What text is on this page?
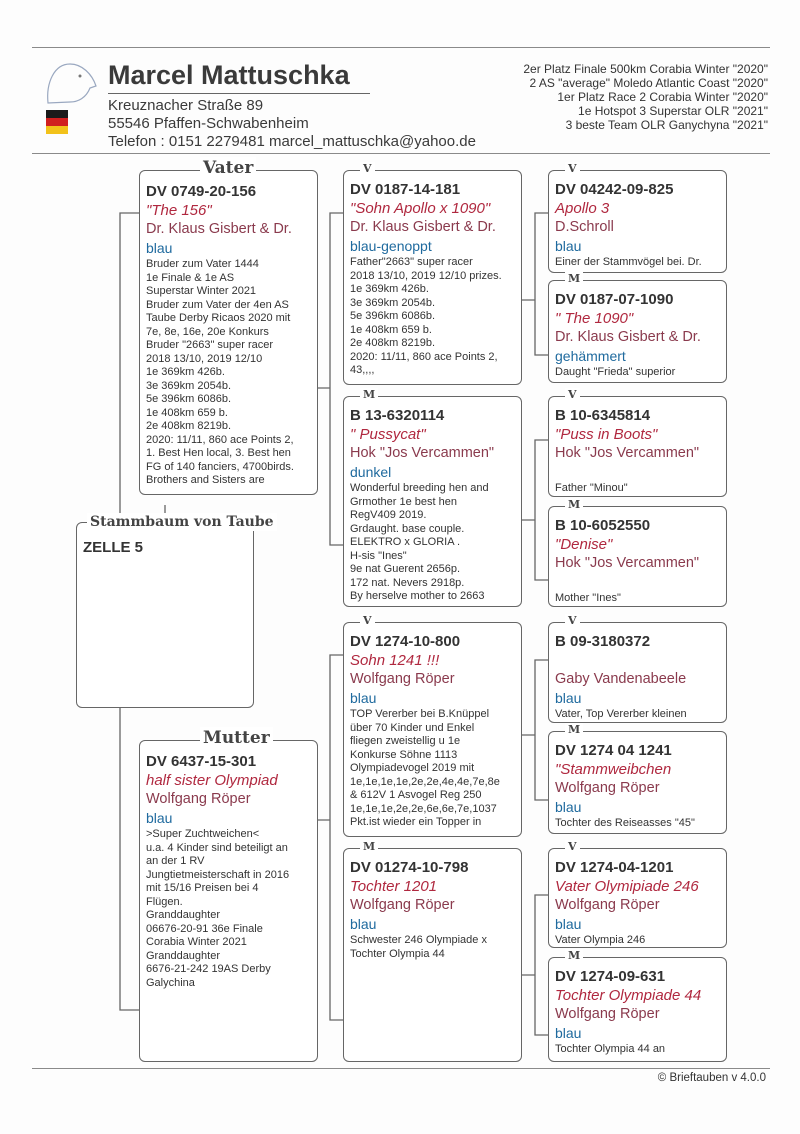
Marcel Mattuschka
Kreuznacher Straße 89
55546 Pfaffen-Schwabenheim
Telefon : 0151 2279481 marcel_mattuschka@yahoo.de
2er Platz Finale 500km Corabia Winter "2020"
2 AS "average" Moledo Atlantic Coast "2020"
1er Platz Race 2 Corabia Winter "2020"
1e Hotspot 3 Superstar OLR "2021"
3 beste Team OLR Ganychyna "2021"
Stammbaum von Taube
ZELLE 5
Vater
DV 0749-20-156
"The 156"
Dr. Klaus Gisbert & Dr.
blau
Bruder zum Vater 1444
1e Finale & 1e AS
Superstar Winter 2021
Bruder zum Vater der 4en AS
Taube Derby Ricaos 2020 mit
7e, 8e, 16e, 20e Konkurs
Bruder "2663" super racer
2018 13/10, 2019 12/10
1e 369km 426b.
3e 369km 2054b.
5e 396km 6086b.
1e 408km 659 b.
2e 408km 8219b.
2020: 11/11, 860 ace Points 2,
1. Best Hen local, 3. Best hen
FG of 140 fanciers, 4700birds.
Brothers and Sisters are
Mutter
DV 6437-15-301
half sister Olympiad
Wolfgang Röper
blau
>Super Zuchtweichen<
u.a. 4 Kinder sind beteiligt an
an der 1 RV
Jungtietmeisterschaft in 2016
mit 15/16 Preisen bei 4
Flügen.
Granddaughter
06676-20-91 36e Finale
Corabia Winter 2021
Granddaughter
6676-21-242 19AS Derby
Galychina
V
DV 0187-14-181
"Sohn Apollo x 1090"
Dr. Klaus Gisbert & Dr.
blau-genoppt
Father"2663" super racer
2018 13/10, 2019 12/10 prizes.
1e 369km 426b.
3e 369km 2054b.
5e 396km 6086b.
1e 408km 659 b.
2e 408km 8219b.
2020: 11/11, 860 ace Points 2,
43,,,,
M
B 13-6320114
" Pussycat"
Hok "Jos Vercammen"
dunkel
Wonderful breeding hen and
Grmother 1e best hen
RegV409 2019.
Grdaught. base couple.
ELEKTRO x GLORIA .
H-sis "Ines"
9e nat Guerent 2656p.
172 nat. Nevers 2918p.
By herselve mother to 2663
V
DV 1274-10-800
Sohn 1241 !!!
Wolfgang Röper
blau
TOP Vererber bei B.Knüppel
über 70 Kinder und Enkel
fliegen zweistellig u 1e
Konkurse Söhne 1113
Olympiadevogel 2019 mit
1e,1e,1e,1e,2e,2e,4e,4e,7e,8e
& 612V 1 Asvogel Reg 250
1e,1e,1e,2e,2e,6e,6e,7e,1037
Pkt.ist wieder ein Topper in
M
DV 01274-10-798
Tochter 1201
Wolfgang Röper
blau
Schwester 246 Olympiade x
Tochter Olympia 44
V
DV 04242-09-825
Apollo 3
D.Schroll
blau
Einer der Stammvögel bei. Dr.
M
DV 0187-07-1090
" The 1090"
Dr. Klaus Gisbert & Dr.
gehämmert
Daught "Frieda" superior
V
B 10-6345814
"Puss in Boots"
Hok "Jos Vercammen"
Father "Minou"
M
B 10-6052550
"Denise"
Hok "Jos Vercammen"
Mother "Ines"
V
B 09-3180372
Gaby Vandenabeele
blau
Vater, Top Vererber kleinen
M
DV 1274 04 1241
"Stammweibchen
Wolfgang Röper
blau
Tochter des Reiseasses "45"
V
DV 1274-04-1201
Vater Olymipiade 246
Wolfgang Röper
blau
Vater Olympia 246
M
DV 1274-09-631
Tochter Olympiade 44
Wolfgang Röper
blau
Tochter Olympia 44 an
© Brieftauben v 4.0.0
